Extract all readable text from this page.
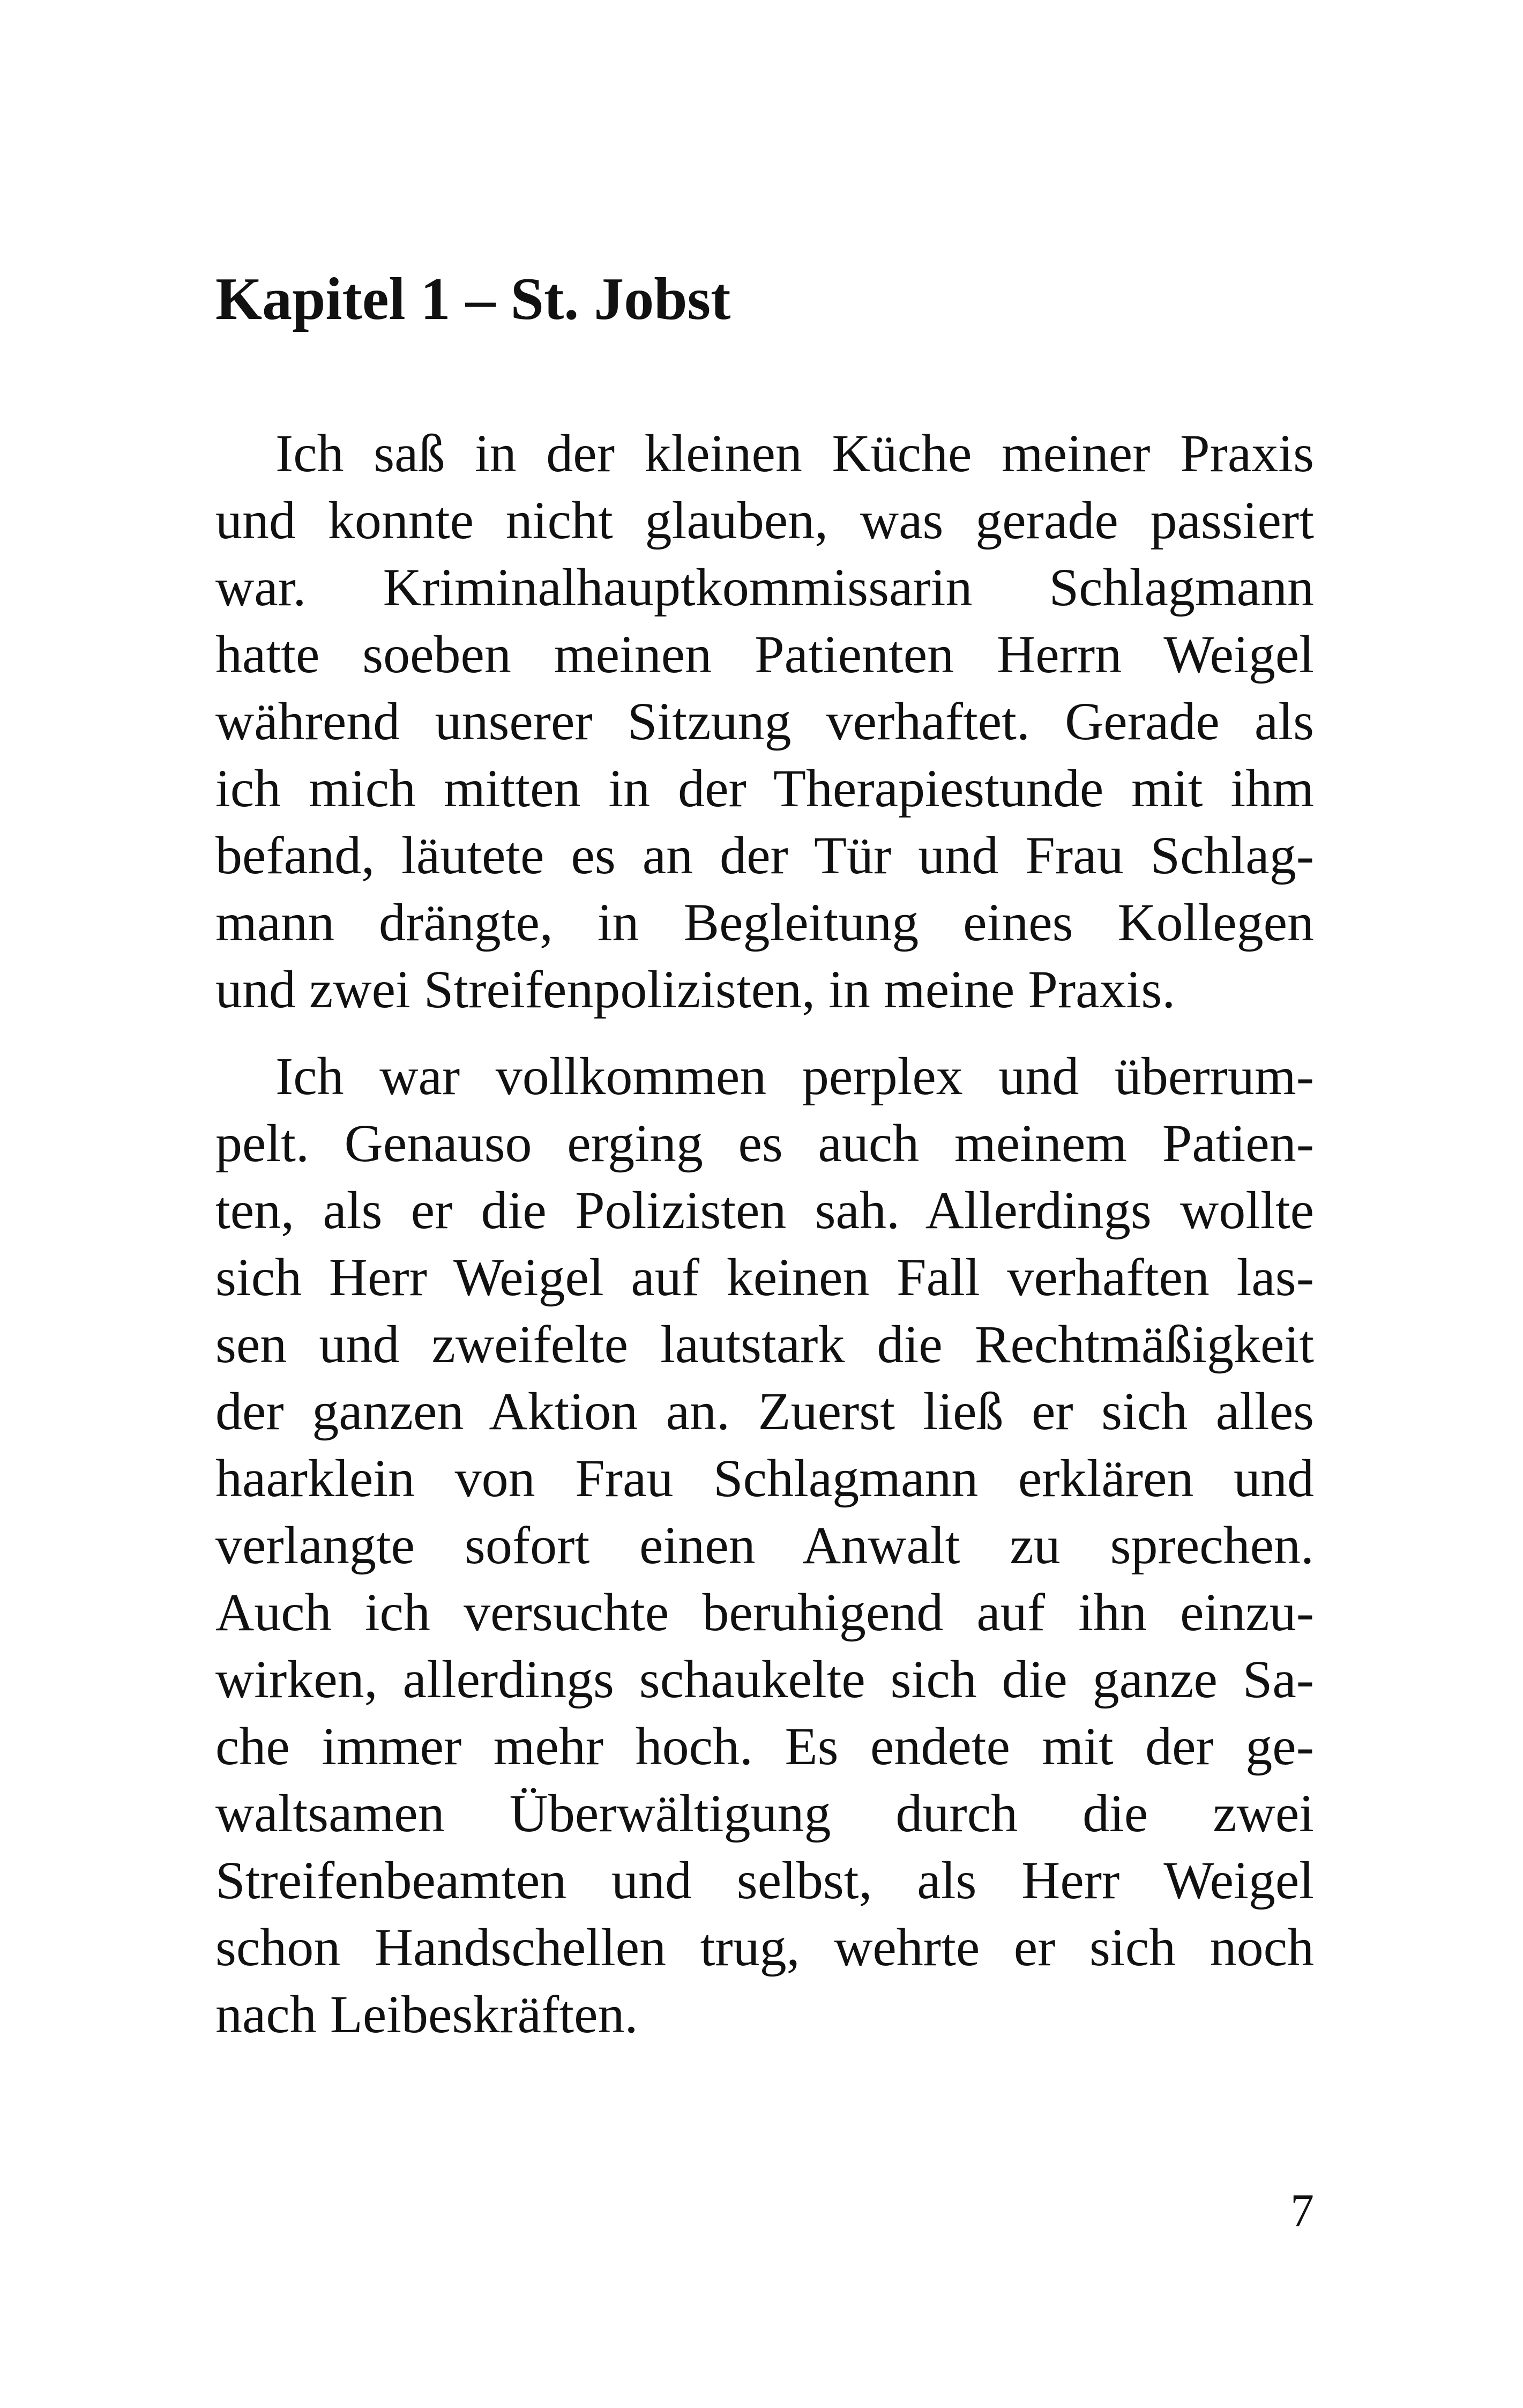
Kapitel 1 – St. Jobst
Ich saß in der kleinen Küche meiner Praxis
und konnte nicht glauben, was gerade passiert
war. Kriminalhauptkommissarin Schlagmann
hatte soeben meinen Patienten Herrn Weigel
während unserer Sitzung verhaftet. Gerade als
ich mich mitten in der Therapiestunde mit ihm
befand, läutete es an der Tür und Frau Schlag-
mann drängte, in Begleitung eines Kollegen
und zwei Streifenpolizisten, in meine Praxis.
Ich war vollkommen perplex und überrum-
pelt. Genauso erging es auch meinem Patien-
ten, als er die Polizisten sah. Allerdings wollte
sich Herr Weigel auf keinen Fall verhaften las-
sen und zweifelte lautstark die Rechtmäßigkeit
der ganzen Aktion an. Zuerst ließ er sich alles
haarklein von Frau Schlagmann erklären und
verlangte sofort einen Anwalt zu sprechen.
Auch ich versuchte beruhigend auf ihn einzu-
wirken, allerdings schaukelte sich die ganze Sa-
che immer mehr hoch. Es endete mit der ge-
waltsamen Überwältigung durch die zwei
Streifenbeamten und selbst, als Herr Weigel
schon Handschellen trug, wehrte er sich noch
nach Leibeskräften.
7
